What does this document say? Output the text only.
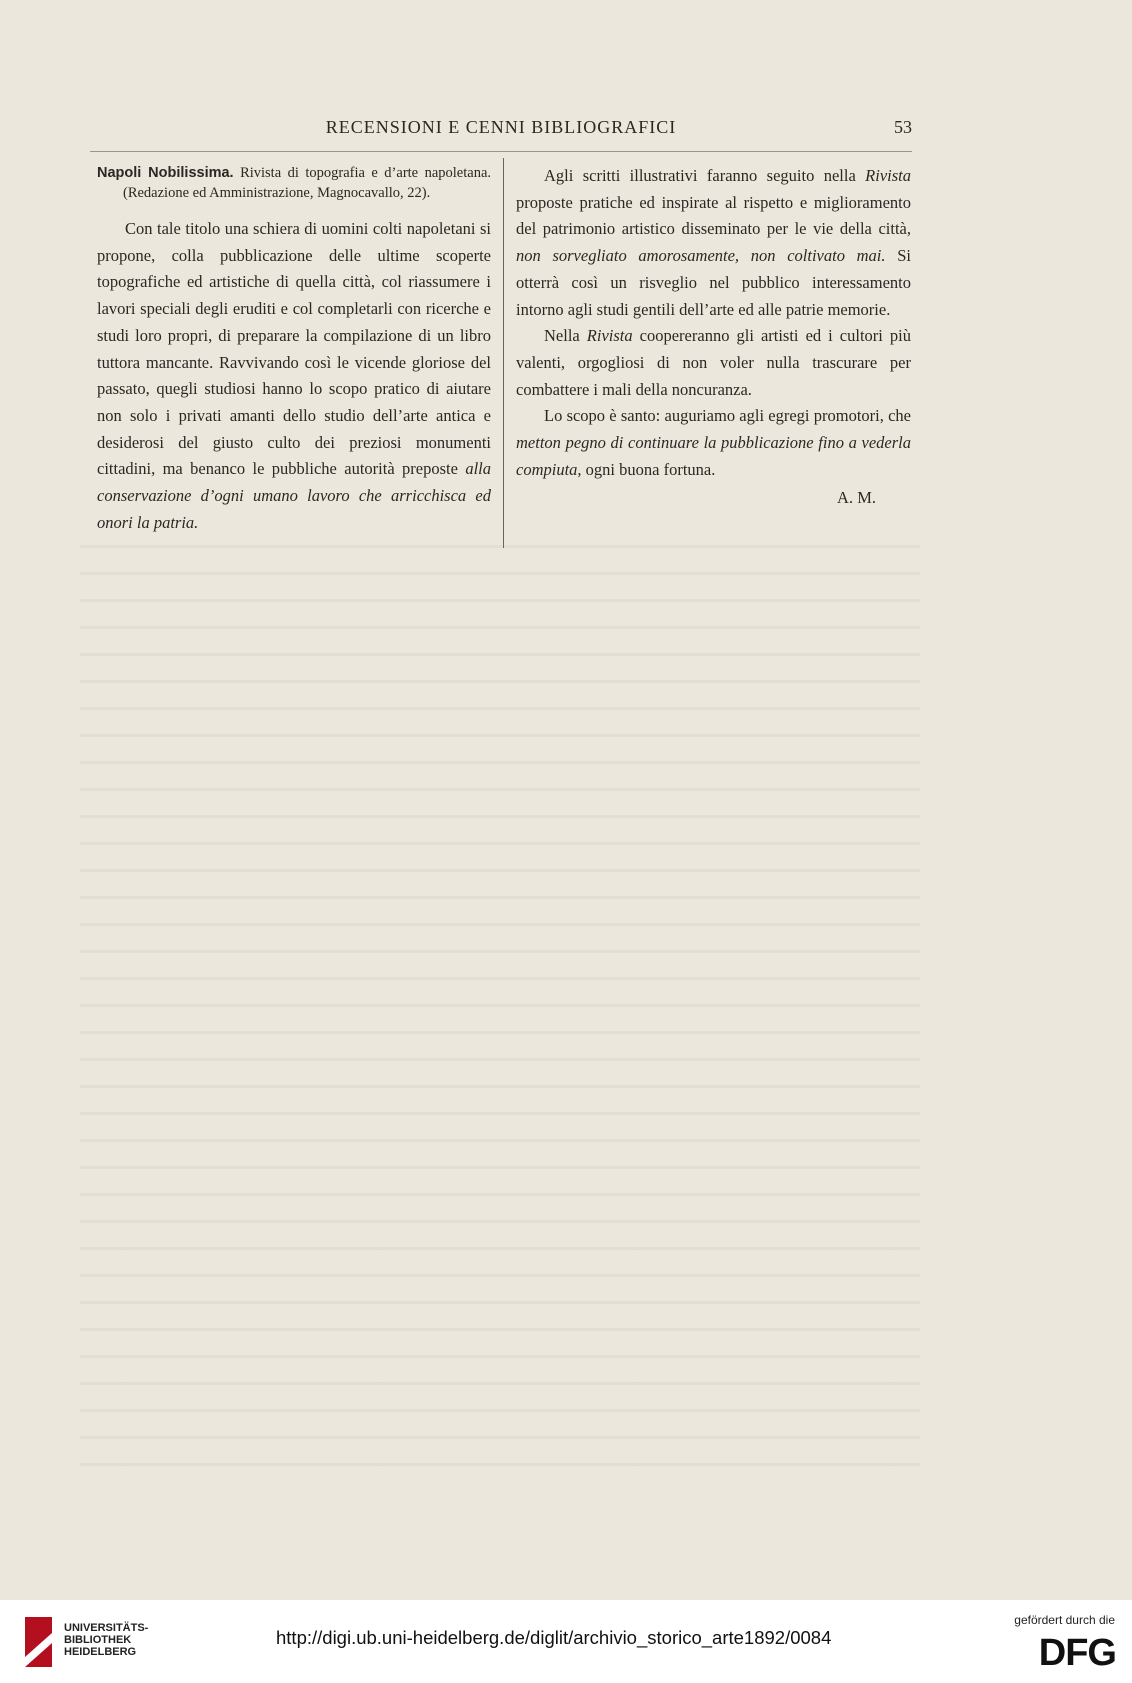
RECENSIONI E CENNI BIBLIOGRAFICI	53
Napoli Nobilissima. Rivista di topografia e d’arte napoletana. (Redazione ed Amministrazione, Magnocavallo, 22).

Con tale titolo una schiera di uomini colti napoletani si propone, colla pubblicazione delle ultime scoperte topografiche ed artistiche di quella città, col riassumere i lavori speciali degli eruditi e col completarli con ricerche e studi loro propri, di preparare la compilazione di un libro tuttora mancante. Ravvivando così le vicende gloriose del passato, quegli studiosi hanno lo scopo pratico di aiutare non solo i privati amanti dello studio dell’arte antica e desiderosi del giusto culto dei preziosi monumenti cittadini, ma benanco le pubbliche autorità preposte alla conservazione d’ogni umano lavoro che arricchisca ed onori la patria.

Agli scritti illustrativi faranno seguito nella Rivista proposte pratiche ed inspirate al rispetto e miglioramento del patrimonio artistico disseminato per le vie della città, non sorvegliato amorosamente, non coltivato mai. Si otterrà così un risveglio nel pubblico interessamento intorno agli studi gentili dell’arte ed alle patrie memorie.

Nella Rivista coopereranno gli artisti ed i cultori più valenti, orgogliosi di non voler nulla trascurare per combattere i mali della noncuranza.

Lo scopo è santo: auguriamo agli egregi promotori, che metton pegno di continuare la pubblicazione fino a vederla compiuta, ogni buona fortuna.

A. M.
UNIVERSITÄTS-
BIBLIOTHEK
HEIDELBERG
http://digi.ub.uni-heidelberg.de/diglit/archivio_storico_arte1892/0084
gefördert durch die
DFG
